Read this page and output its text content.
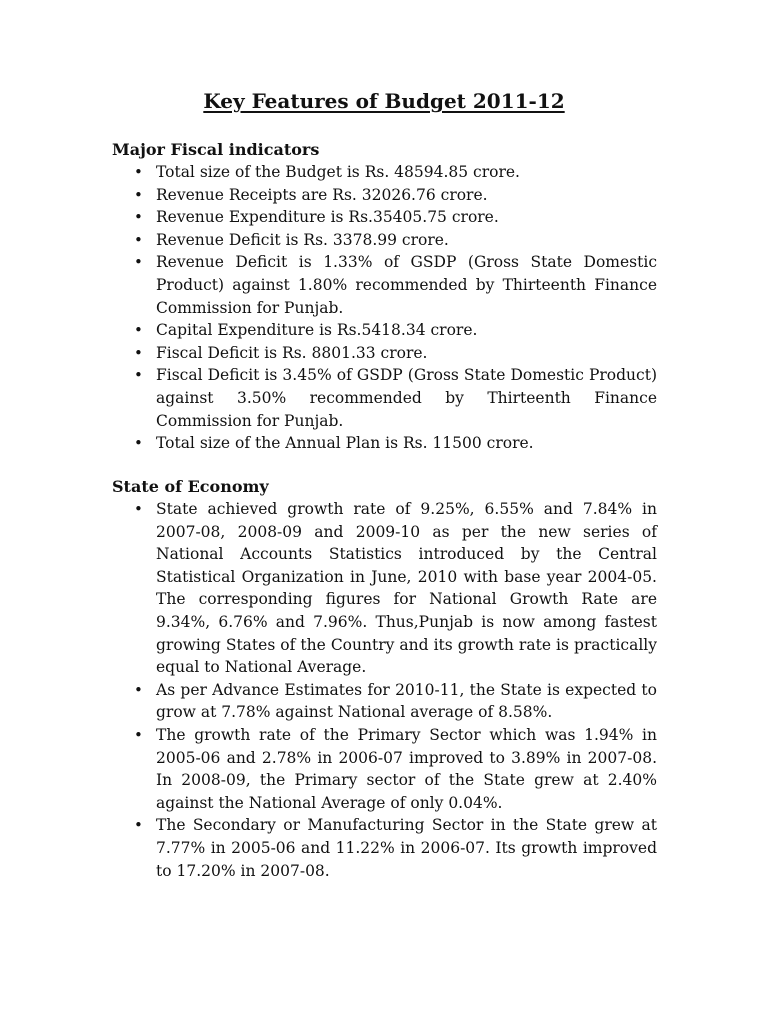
Key Features of Budget 2011-12

Major Fiscal indicators

• Total size of the Budget is Rs. 48594.85 crore.
• Revenue Receipts are Rs. 32026.76 crore.
• Revenue Expenditure is Rs.35405.75 crore.
• Revenue Deficit is Rs. 3378.99 crore.
• Revenue Deficit is 1.33% of GSDP (Gross State Domestic Product) against 1.80% recommended by Thirteenth Finance Commission for Punjab.
• Capital Expenditure is Rs.5418.34 crore.
• Fiscal Deficit is Rs. 8801.33 crore.
• Fiscal Deficit is 3.45% of GSDP (Gross State Domestic Product) against 3.50% recommended by Thirteenth Finance Commission for Punjab.
• Total size of the Annual Plan is Rs. 11500 crore.

State of Economy

• State achieved growth rate of 9.25%, 6.55% and 7.84% in 2007-08, 2008-09 and 2009-10 as per the new series of National Accounts Statistics introduced by the Central Statistical Organization in June, 2010 with base year 2004-05. The corresponding figures for National Growth Rate are 9.34%, 6.76% and 7.96%. Thus,Punjab is now among fastest growing States of the Country and its growth rate is practically equal to National Average.
• As per Advance Estimates for 2010-11, the State is expected to grow at 7.78% against National average of 8.58%.
• The growth rate of the Primary Sector which was 1.94% in 2005-06 and 2.78% in 2006-07 improved to 3.89% in 2007-08. In 2008-09, the Primary sector of the State grew at 2.40% against the National Average of only 0.04%.
• The Secondary or Manufacturing Sector in the State grew at 7.77% in 2005-06 and 11.22% in 2006-07. Its growth improved to 17.20% in 2007-08.
